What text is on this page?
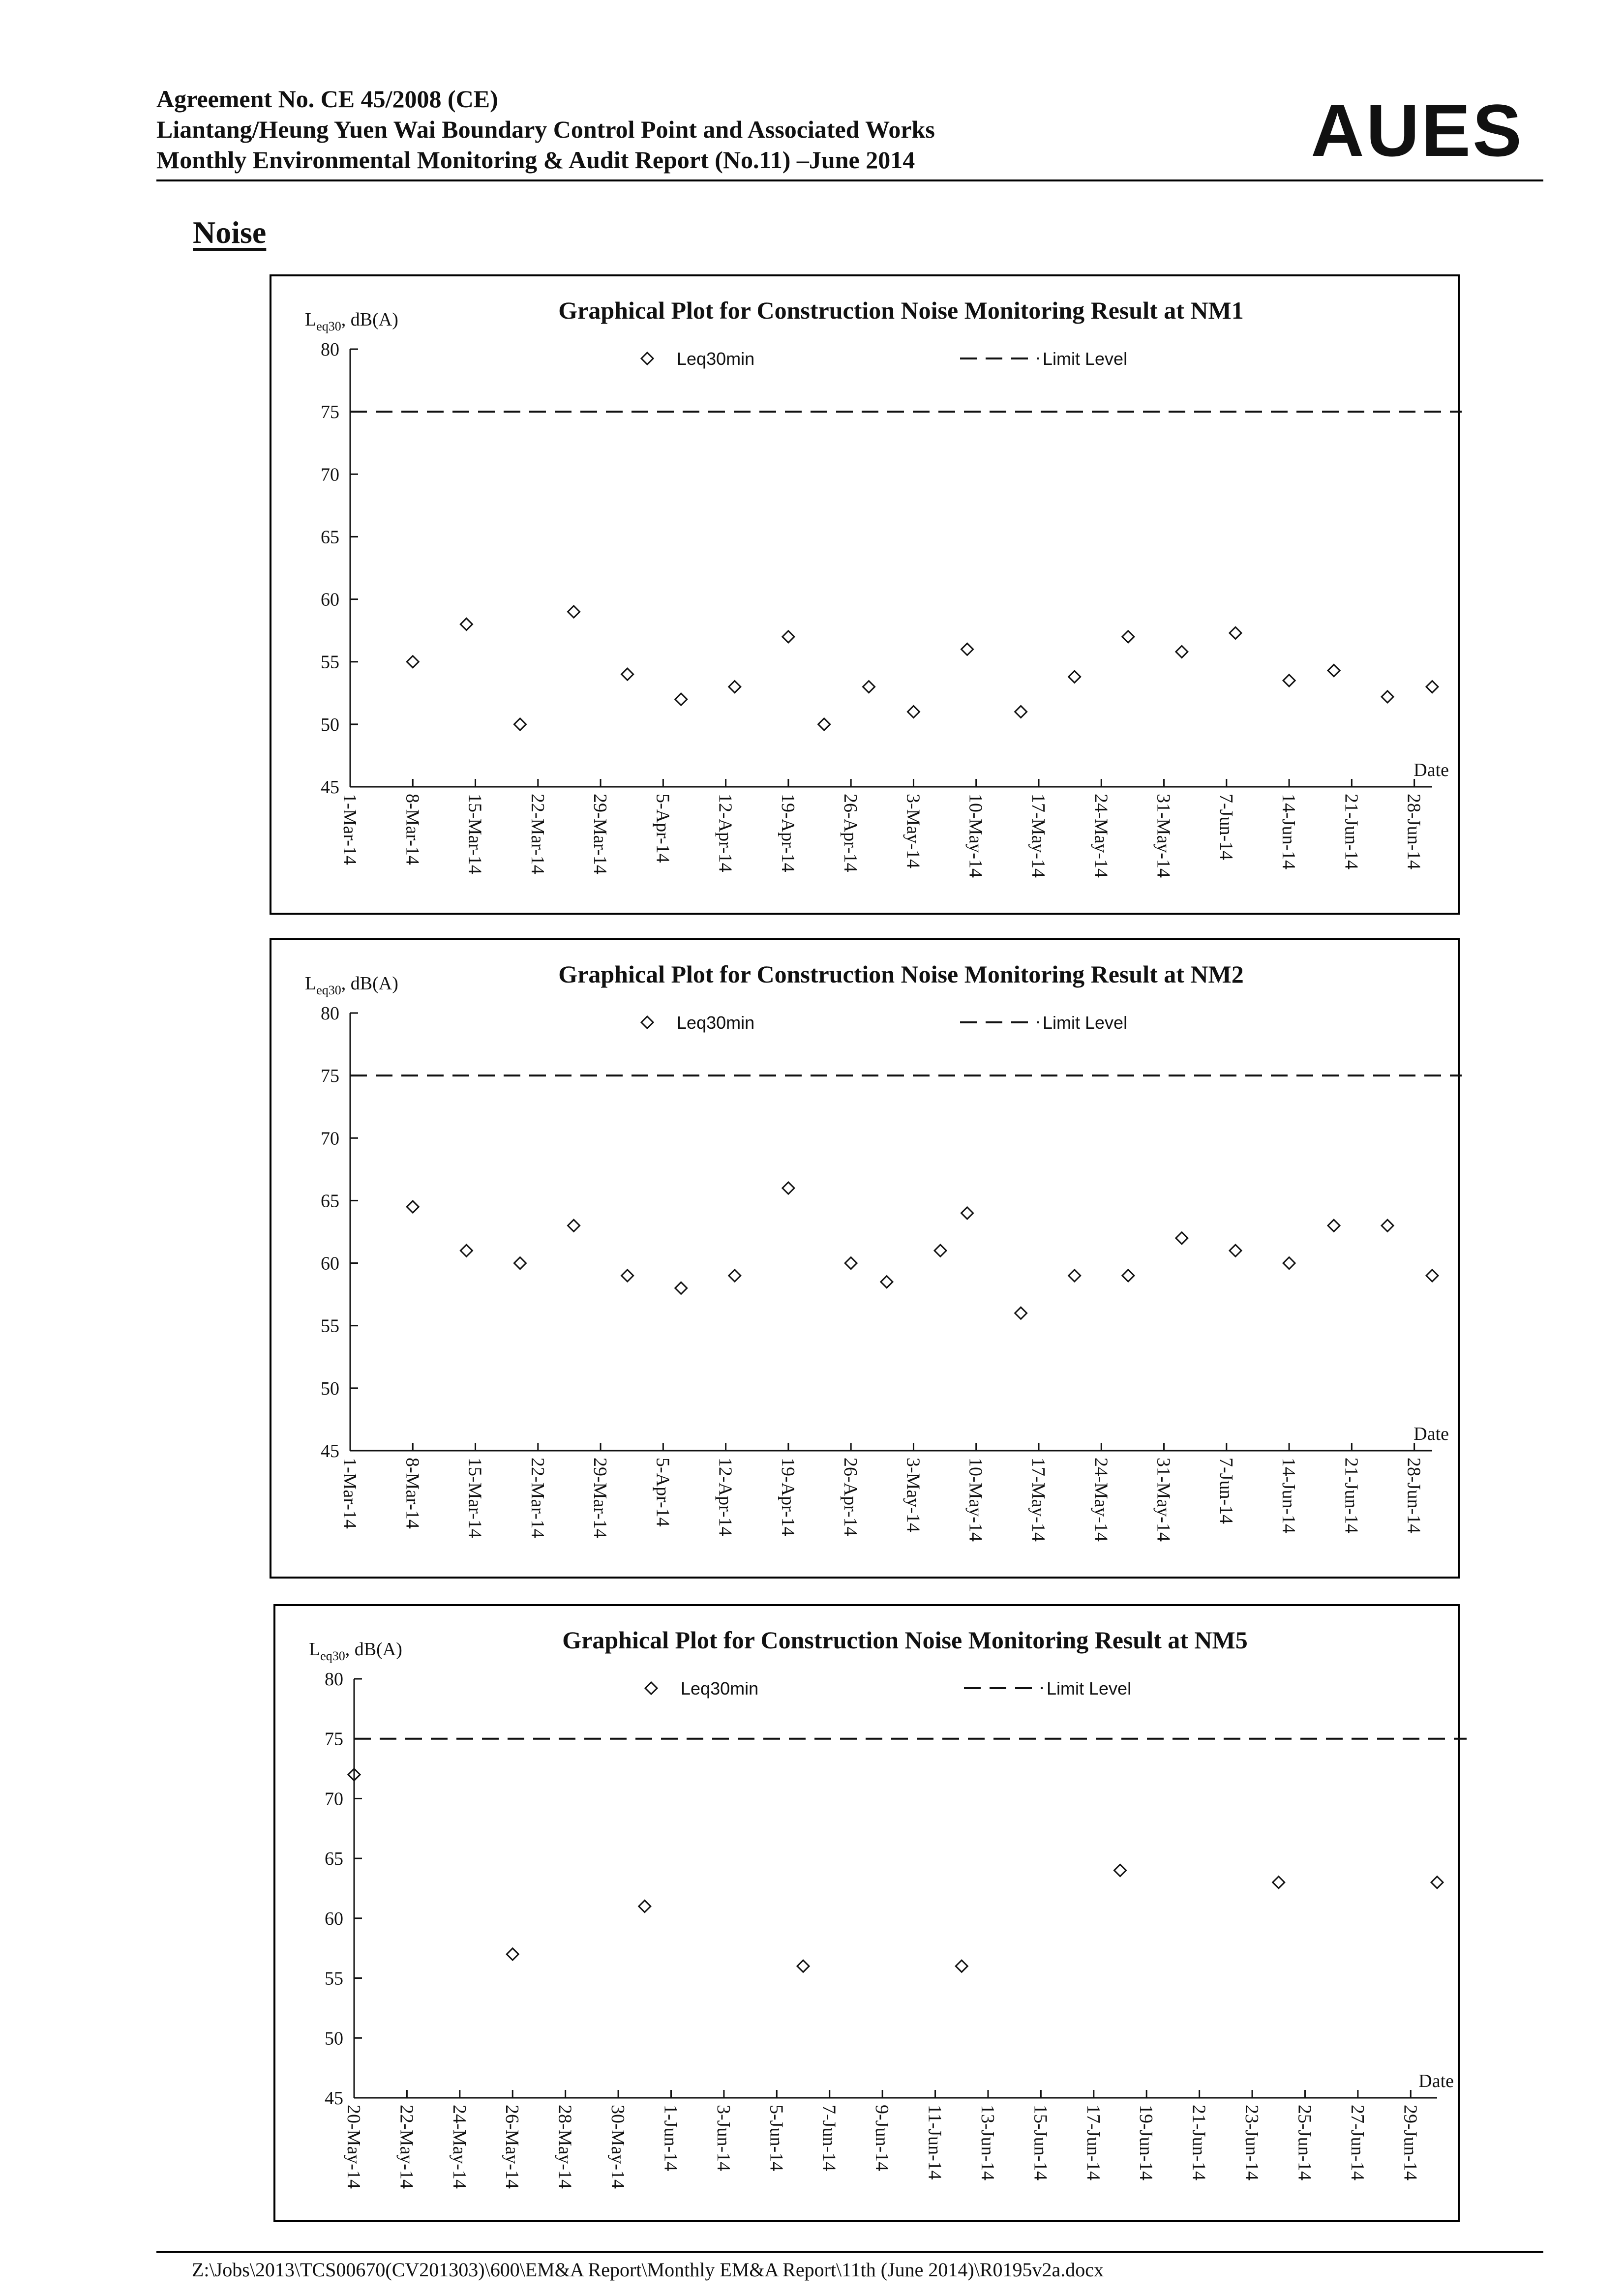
Agreement No. CE 45/2008 (CE)
Liantang/Heung Yuen Wai Boundary Control Point and Associated Works
Monthly Environmental Monitoring & Audit Report (No.11) –June 2014	AUES
Noise
Graphical Plot for Construction Noise Monitoring Result at NM1
$L_{eq30}$, dB(A)
Leq30min	Limit Level
45
50
55
60
65
70
75
80
1-Mar-14 8-Mar-14 15-Mar-14 22-Mar-14 29-Mar-14 5-Apr-14 12-Apr-14 19-Apr-14 26-Apr-14 3-May-14 10-May-14 17-May-14 24-May-14 31-May-14 7-Jun-14 14-Jun-14 21-Jun-14 28-Jun-14
Date
Graphical Plot for Construction Noise Monitoring Result at NM2
$L_{eq30}$, dB(A)
Leq30min	Limit Level
45
50
55
60
65
70
75
80
1-Mar-14 8-Mar-14 15-Mar-14 22-Mar-14 29-Mar-14 5-Apr-14 12-Apr-14 19-Apr-14 26-Apr-14 3-May-14 10-May-14 17-May-14 24-May-14 31-May-14 7-Jun-14 14-Jun-14 21-Jun-14 28-Jun-14
Date
Graphical Plot for Construction Noise Monitoring Result at NM5
$L_{eq30}$, dB(A)
Leq30min	Limit Level
45
50
55
60
65
70
75
80
20-May-14 22-May-14 24-May-14 26-May-14 28-May-14 30-May-14 1-Jun-14 3-Jun-14 5-Jun-14 7-Jun-14 9-Jun-14 11-Jun-14 13-Jun-14 15-Jun-14 17-Jun-14 19-Jun-14 21-Jun-14 23-Jun-14 25-Jun-14 27-Jun-14 29-Jun-14
Date
Z:\Jobs\2013\TCS00670(CV201303)\600\EM&A Report\Monthly EM&A Report\11th (June 2014)\R0195v2a.docx
